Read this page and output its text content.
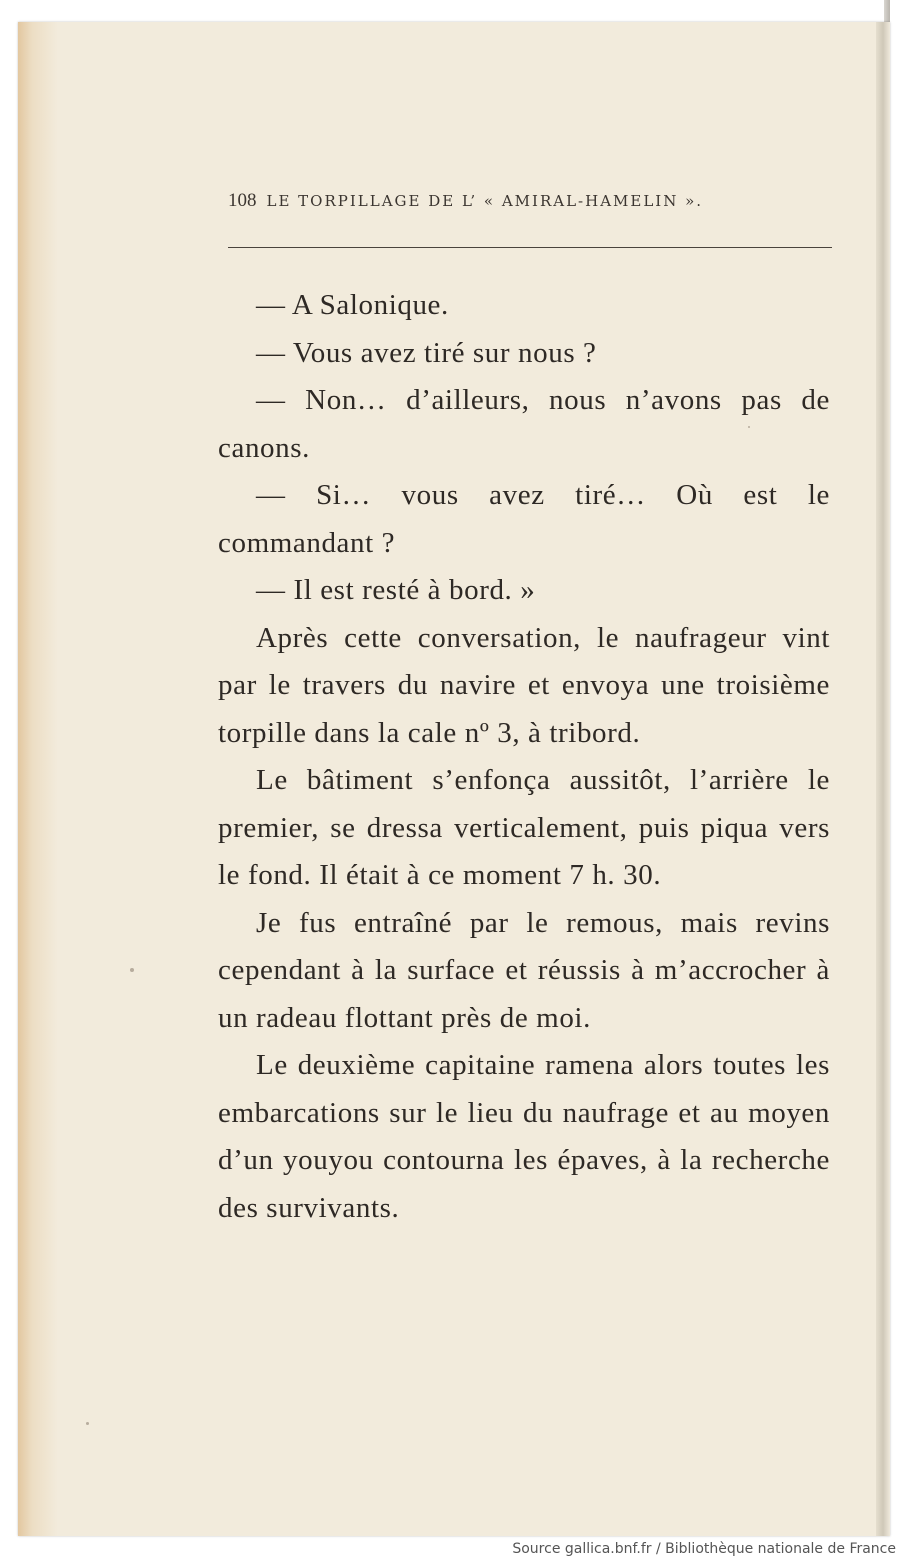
108 LE TORPILLAGE DE L’ « AMIRAL-HAMELIN ».

— A Salonique.

— Vous avez tiré sur nous ?

— Non… d’ailleurs, nous n’avons pas de canons.

— Si… vous avez tiré… Où est le commandant ?

— Il est resté à bord. »

Après cette conversation, le naufrageur vint par le travers du navire et envoya une troisième torpille dans la cale nº 3, à tribord.

Le bâtiment s’enfonça aussitôt, l’arrière le premier, se dressa verticalement, puis piqua vers le fond. Il était à ce moment 7 h. 30.

Je fus entraîné par le remous, mais revins cependant à la surface et réussis à m’accrocher à un radeau flottant près de moi.

Le deuxième capitaine ramena alors toutes les embarcations sur le lieu du naufrage et au moyen d’un youyou contourna les épaves, à la recherche des survivants.

Source gallica.bnf.fr / Bibliothèque nationale de France
